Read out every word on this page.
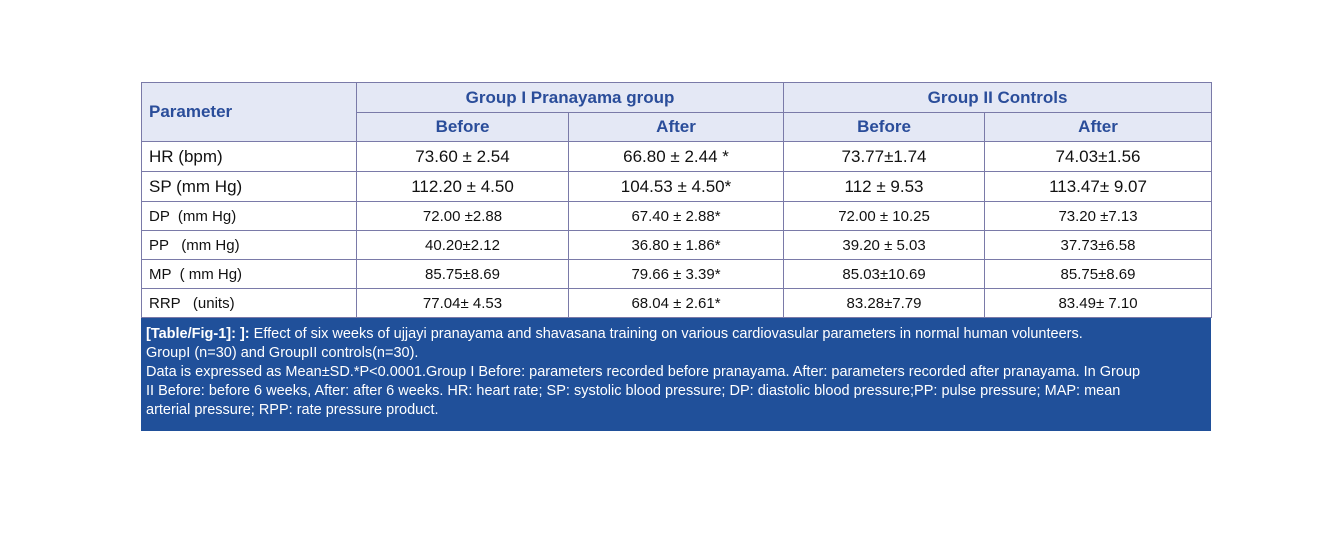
Parameter	Group I Pranayama group		Group II Controls	
	Before	After	Before	After
HR (bpm)	73.60 ± 2.54	66.80 ± 2.44 *	73.77±1.74	74.03±1.56
SP (mm Hg)	112.20 ± 4.50	104.53 ± 4.50*	112 ± 9.53	113.47± 9.07
DP  (mm Hg)	72.00 ±2.88	67.40 ± 2.88*	72.00 ± 10.25	73.20 ±7.13
PP   (mm Hg)	40.20±2.12	36.80 ± 1.86*	39.20 ± 5.03	37.73±6.58
MP  ( mm Hg)	85.75±8.69	79.66 ± 3.39*	85.03±10.69	85.75±8.69
RRP   (units)	77.04± 4.53	68.04 ± 2.61*	83.28±7.79	83.49± 7.10
[Table/Fig-1]: ]: Effect of six weeks of ujjayi pranayama and shavasana training on various cardiovasular parameters in normal human volunteers.
GroupI (n=30) and GroupII controls(n=30).
Data is expressed as Mean±SD.*P<0.0001.Group I Before: parameters recorded before pranayama. After: parameters recorded after pranayama. In Group
II Before: before 6 weeks, After: after 6 weeks. HR: heart rate; SP: systolic blood pressure; DP: diastolic blood pressure;PP: pulse pressure; MAP: mean
arterial pressure; RPP: rate pressure product.
